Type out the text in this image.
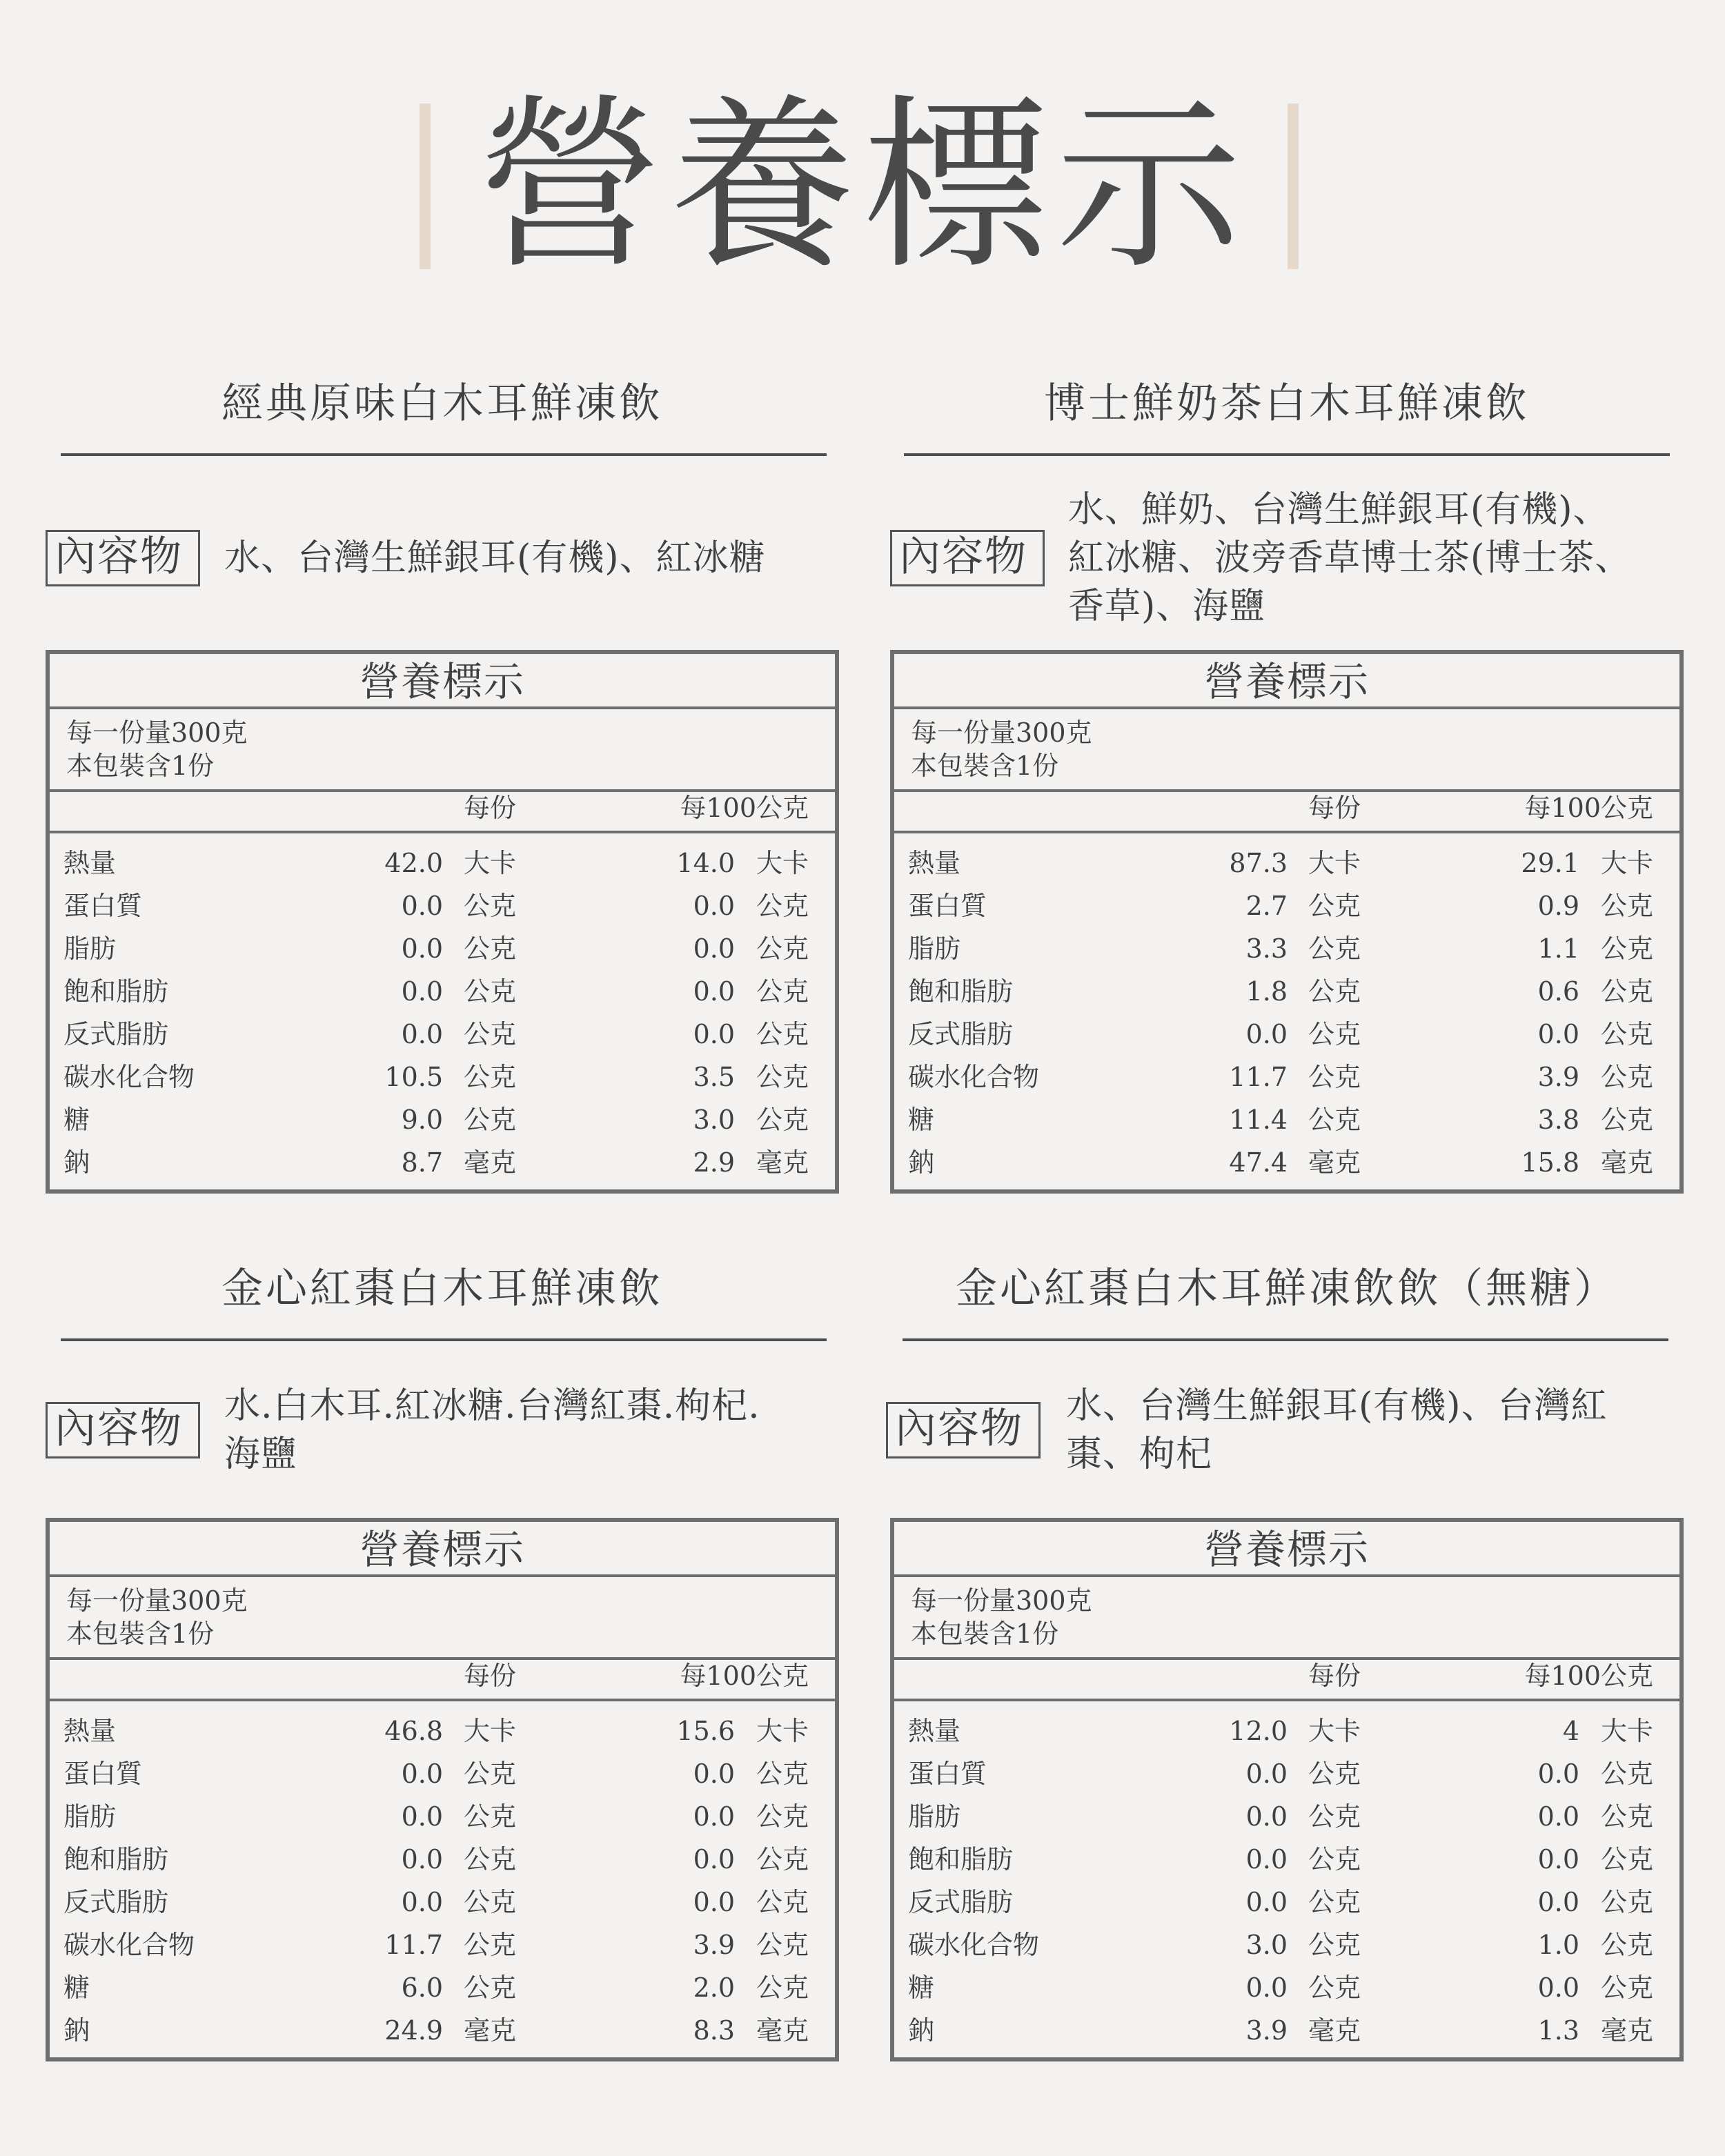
營養標示
經典原味白木耳鮮凍飲
內容物	水、台灣生鮮銀耳(有機)、紅冰糖
營養標示
每一份量300克
本包裝含1份
每份	每100公克
熱量	42.0 大卡	14.0 大卡
蛋白質	0.0 公克	0.0 公克
脂肪	0.0 公克	0.0 公克
飽和脂肪	0.0 公克	0.0 公克
反式脂肪	0.0 公克	0.0 公克
碳水化合物	10.5 公克	3.5 公克
糖	9.0 公克	3.0 公克
鈉	8.7 毫克	2.9 毫克
博士鮮奶茶白木耳鮮凍飲
內容物
水、鮮奶、台灣生鮮銀耳(有機)、
紅冰糖、波旁香草博士茶(博士茶、
香草)、海鹽
營養標示
每一份量300克
本包裝含1份
每份	每100公克
熱量	87.3 大卡	29.1 大卡
蛋白質	2.7 公克	0.9 公克
脂肪	3.3 公克	1.1 公克
飽和脂肪	1.8 公克	0.6 公克
反式脂肪	0.0 公克	0.0 公克
碳水化合物	11.7 公克	3.9 公克
糖	11.4 公克	3.8 公克
鈉	47.4 毫克	15.8 毫克
金心紅棗白木耳鮮凍飲
內容物	水.白木耳.紅冰糖.台灣紅棗.枸杞.
海鹽
營養標示
每一份量300克
本包裝含1份
每份	每100公克
熱量	46.8 大卡	15.6 大卡
蛋白質	0.0 公克	0.0 公克
脂肪	0.0 公克	0.0 公克
飽和脂肪	0.0 公克	0.0 公克
反式脂肪	0.0 公克	0.0 公克
碳水化合物	11.7 公克	3.9 公克
糖	6.0 公克	2.0 公克
鈉	24.9 毫克	8.3 毫克
金心紅棗白木耳鮮凍飲飲（無糖）
內容物	水、台灣生鮮銀耳(有機)、台灣紅
棗、枸杞
營養標示
每一份量300克
本包裝含1份
每份	每100公克
熱量	12.0 大卡	4 大卡
蛋白質	0.0 公克	0.0 公克
脂肪	0.0 公克	0.0 公克
飽和脂肪	0.0 公克	0.0 公克
反式脂肪	0.0 公克	0.0 公克
碳水化合物	3.0 公克	1.0 公克
糖	0.0 公克	0.0 公克
鈉	3.9 毫克	1.3 毫克
